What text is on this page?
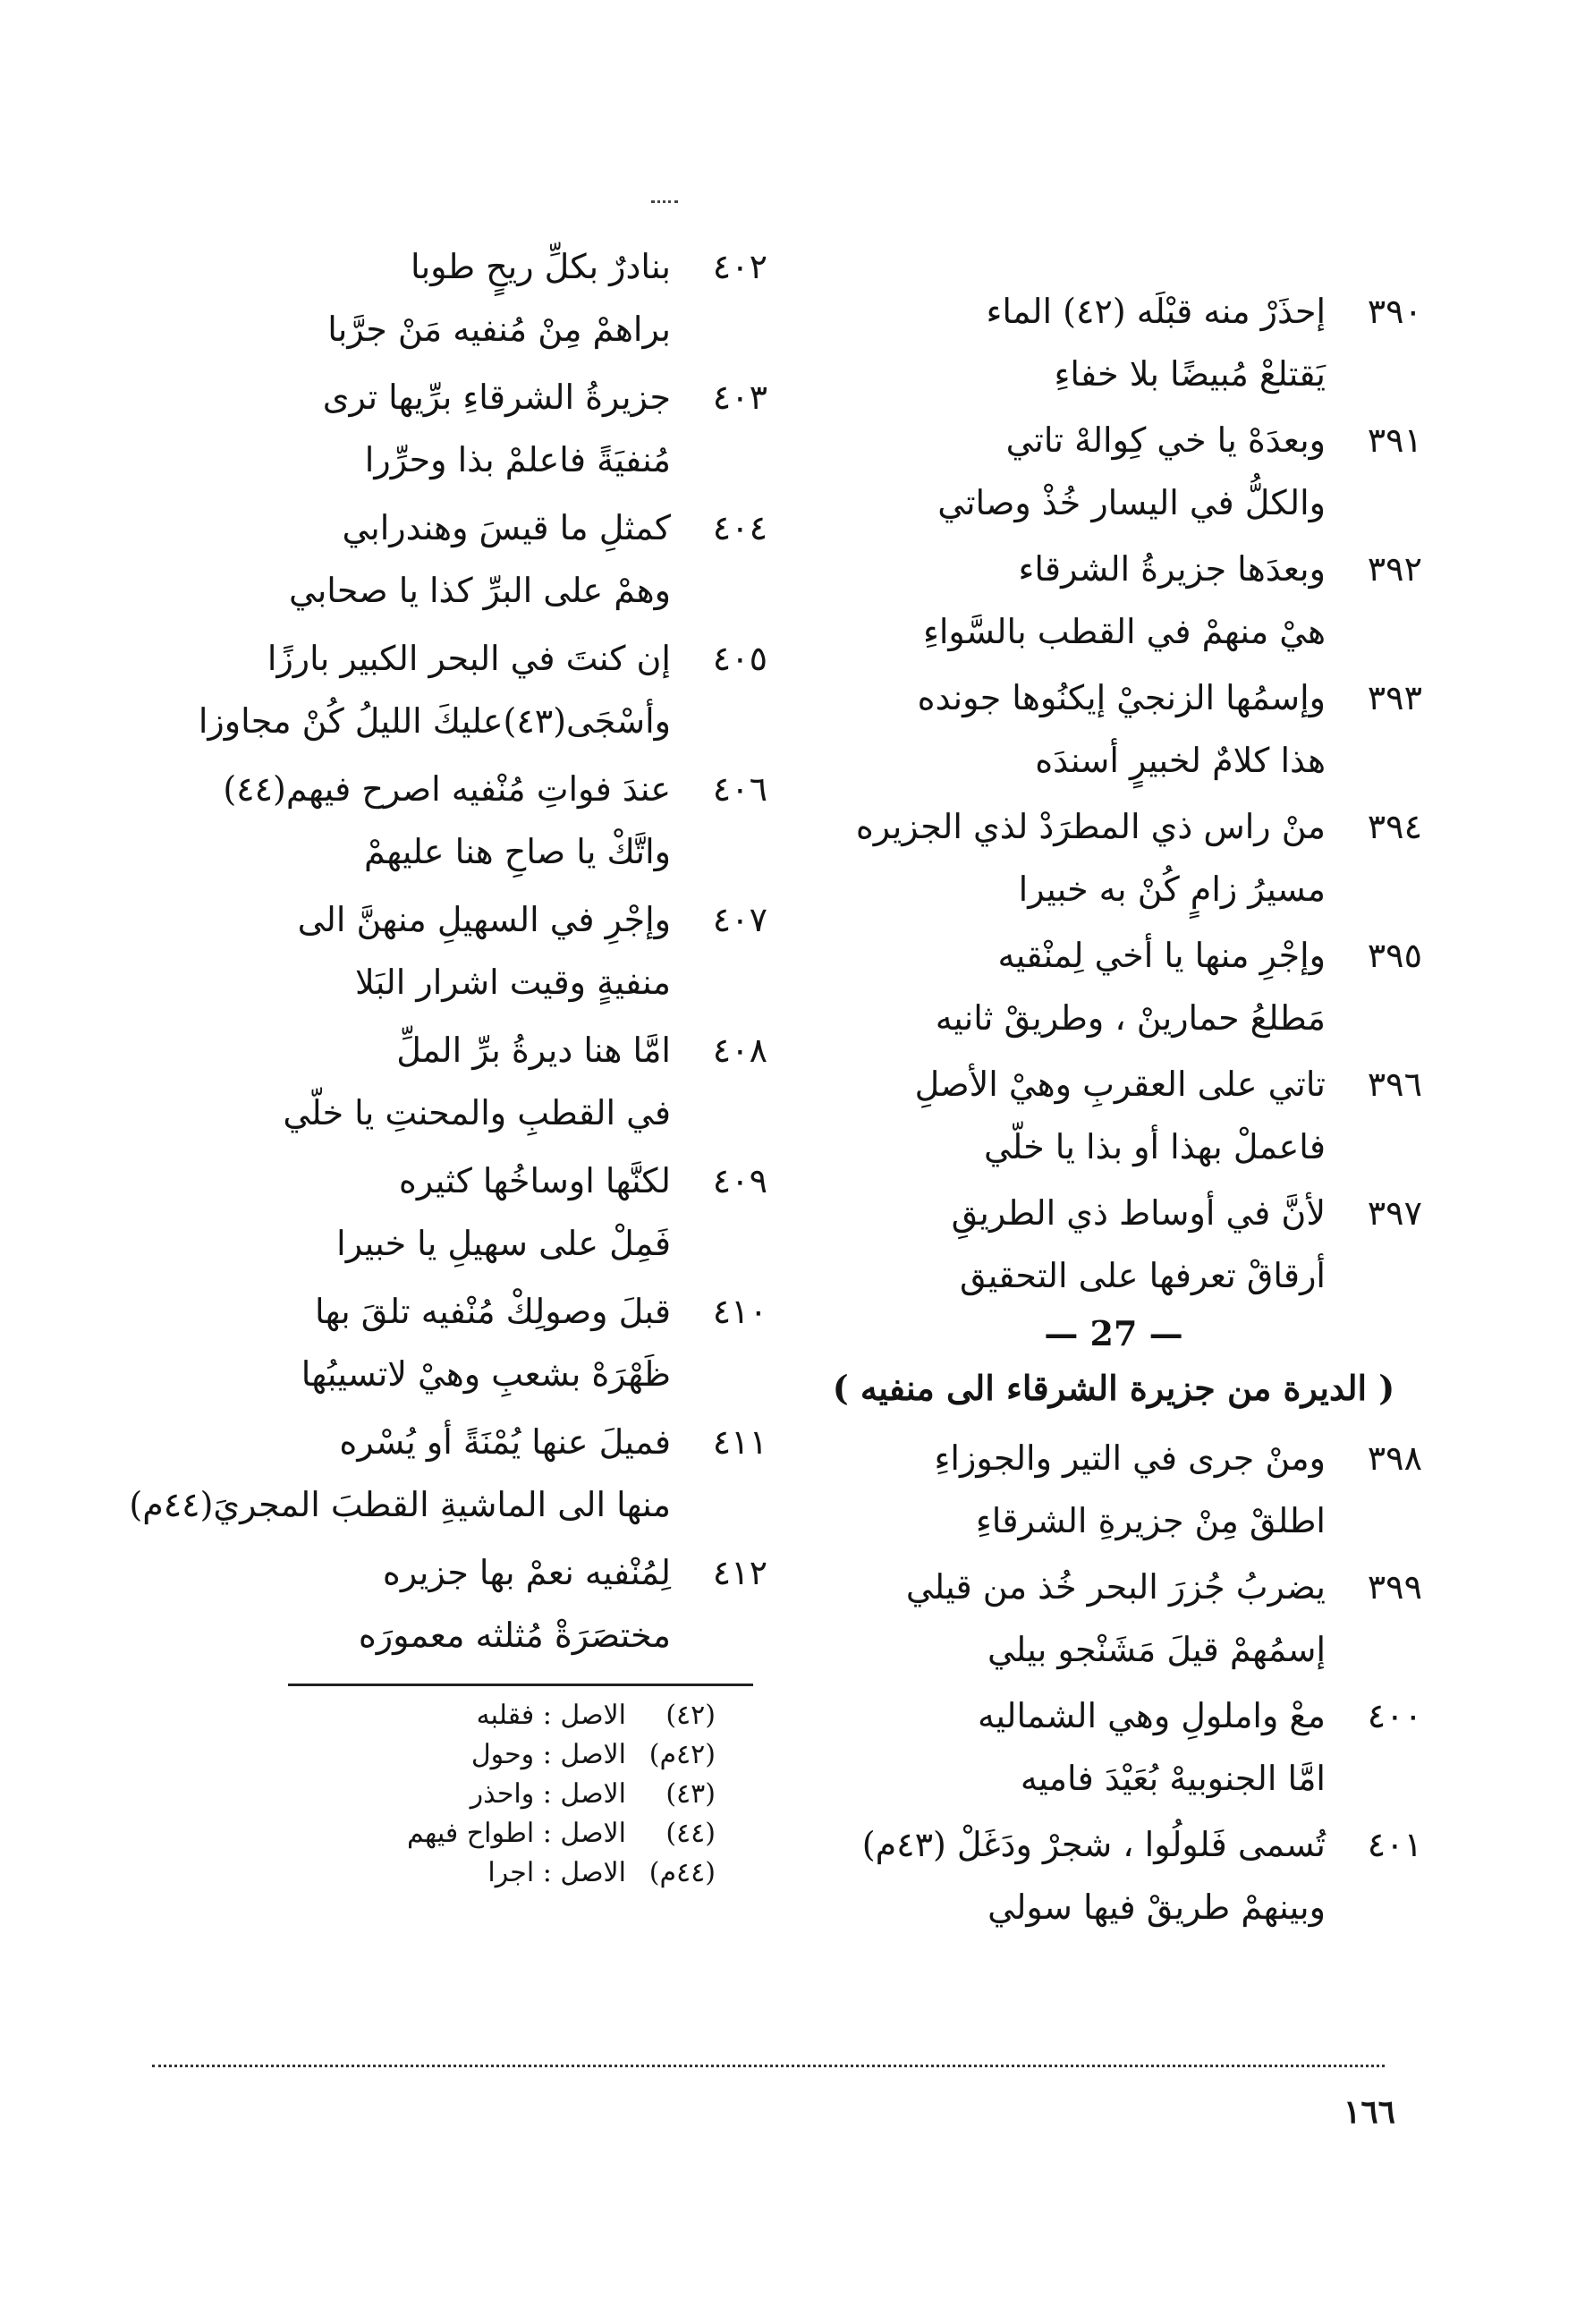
٣٩٠إحذَرْ منه قبْلَه (٤٢) الماء
يَقتلعْ مُبيضًا بلا خفاءِ
٣٩١وبعدَهْ يا خي كِوالهْ تاتي
والكلُّ في اليسار خُذْ وصاتي
٣٩٢وبعدَها جزيرةُ الشرقاء
هيْ منهمْ في القطب بالسَّواءِ
٣٩٣وإسمُها الزنجيْ إيكنُوها جونده
هذا كلامٌ لخبيرٍ أسندَه
٣٩٤منْ راس ذي المطرَدْ لذي الجزيره
مسيرُ زامٍ كُنْ به خبيرا
٣٩٥وإجْرِ منها يا أخي لِمنْقيه
مَطلعُ حمارينْ ، وطريقْ ثانيه
٣٩٦تاتي على العقربِ وهيْ الأصلِ
فاعملْ بهذا أو بذا يا خلّي
٣٩٧لأنَّ في أوساط ذي الطريقِ
أرقاقْ تعرفها على التحقيق
— 27 —
( الديرة من جزيرة الشرقاء الى منفيه )
٣٩٨ومنْ جرى في التير والجوزاءِ
اطلقْ مِنْ جزيرةِ الشرقاءِ
٣٩٩يضربُ جُزرَ البحر خُذ من قيلي
إسمُهمْ قيلَ مَشَنْجو بيلي
٤٠٠معْ واملولِ وهي الشماليه
امَّا الجنوبيهْ بُعَيْدَ فاميه
٤٠١تُسمى فَلولُوا ، شجرْ ودَغَلْ (٤٣م)
وبينهمْ طريقْ فيها سولي
٤٠٢بنادرٌ بكلِّ ريحٍ طوبا
براهمْ مِنْ مُنفيه مَنْ جرَّبا
٤٠٣جزيرةُ الشرقاءِ برِّيها ترى
مُنفيَةً فاعلمْ بذا وحرِّرا
٤٠٤كمثلِ ما قيسَ وهندرابي
وهمْ على البرِّ كذا يا صحابي
٤٠٥إن كنتَ في البحر الكبير بارزًا
وأسْجَى(٤٣)عليكَ الليلُ كُنْ مجاوزا
٤٠٦عندَ فواتِ مُنْفيه اصرح فيهم(٤٤)
واتَّكْ يا صاحِ هنا عليهمْ
٤٠٧وإجْرِ في السهيلِ منهنَّ الى
منفيةٍ وقيت اشرار البَلا
٤٠٨امَّا هنا ديرةُ برِّ الملِّ
في القطبِ والمحنتِ يا خلّي
٤٠٩لكنَّها اوساخُها كثيره
فَمِلْ على سهيلِ يا خبيرا
٤١٠قبلَ وصولِكْ مُنْفيه تلقَ بها
ظَهْرَهْ بشعبِ وهيْ لاتسيبُها
٤١١فميلَ عنها يُمْنَةً أو يُسْره
منها الى الماشيةِ القطبَ المجريَ(٤٤م)
٤١٢لِمُنْفيه نعمْ بها جزيره
مختصَرَةْ مُثلثه معمورَه
(٤٢)الاصل : فقلبه
(٤٢م)الاصل : وحول
(٤٣)الاصل : واحذر
(٤٤)الاصل : اطواح فيهم
(٤٤م)الاصل : اجرا
١٦٦
